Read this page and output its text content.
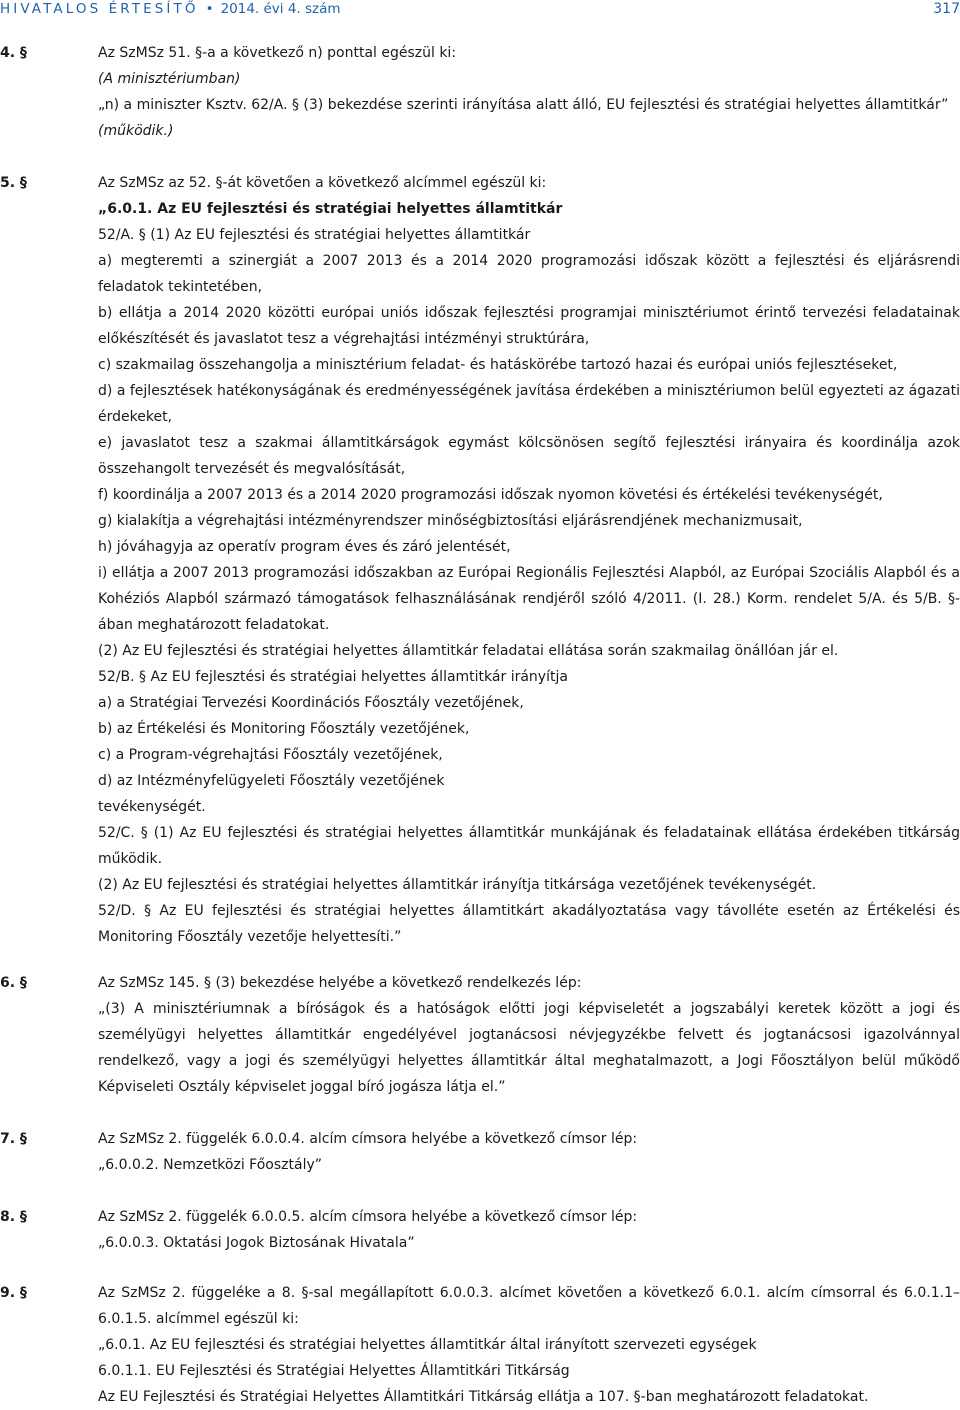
HIVATALOS ÉRTESÍTŐ • 2014. évi 4. szám	317
4. §	Az SzMSz 51. §-a a következő n) ponttal egészül ki:

(A minisztériumban)

„n) a miniszter Ksztv. 62/A. § (3) bekezdése szerinti irányítása alatt álló, EU fejlesztési és stratégiai helyettes államtitkár”

(működik.)

5. §	Az SzMSz az 52. §-át követően a következő alcímmel egészül ki:

„6.0.1. Az EU fejlesztési és stratégiai helyettes államtitkár

52/A. § (1) Az EU fejlesztési és stratégiai helyettes államtitkár

a) megteremti a szinergiát a 2007 2013 és a 2014 2020 programozási időszak között a fejlesztési és eljárásrendi feladatok tekintetében,

b) ellátja a 2014 2020 közötti európai uniós időszak fejlesztési programjai minisztériumot érintő tervezési feladatainak előkészítését és javaslatot tesz a végrehajtási intézményi struktúrára,

c) szakmailag összehangolja a minisztérium feladat- és hatáskörébe tartozó hazai és európai uniós fejlesztéseket,

d) a fejlesztések hatékonyságának és eredményességének javítása érdekében a minisztériumon belül egyezteti az ágazati érdekeket,

e) javaslatot tesz a szakmai államtitkárságok egymást kölcsönösen segítő fejlesztési irányaira és koordinálja azok összehangolt tervezését és megvalósítását,

f) koordinálja a 2007 2013 és a 2014 2020 programozási időszak nyomon követési és értékelési tevékenységét,

g) kialakítja a végrehajtási intézményrendszer minőségbiztosítási eljárásrendjének mechanizmusait,

h) jóváhagyja az operatív program éves és záró jelentését,

i) ellátja a 2007 2013 programozási időszakban az Európai Regionális Fejlesztési Alapból, az Európai Szociális Alapból és a Kohéziós Alapból származó támogatások felhasználásának rendjéről szóló 4/2011. (I. 28.) Korm. rendelet 5/A. és 5/B. §-ában meghatározott feladatokat.

(2) Az EU fejlesztési és stratégiai helyettes államtitkár feladatai ellátása során szakmailag önállóan jár el.

52/B. § Az EU fejlesztési és stratégiai helyettes államtitkár irányítja

a) a Stratégiai Tervezési Koordinációs Főosztály vezetőjének,

b) az Értékelési és Monitoring Főosztály vezetőjének,

c) a Program-végrehajtási Főosztály vezetőjének,

d) az Intézményfelügyeleti Főosztály vezetőjének

tevékenységét.

52/C. § (1) Az EU fejlesztési és stratégiai helyettes államtitkár munkájának és feladatainak ellátása érdekében titkárság működik.

(2) Az EU fejlesztési és stratégiai helyettes államtitkár irányítja titkársága vezetőjének tevékenységét.

52/D. § Az EU fejlesztési és stratégiai helyettes államtitkárt akadályoztatása vagy távolléte esetén az Értékelési és Monitoring Főosztály vezetője helyettesíti.”

6. §	Az SzMSz 145. § (3) bekezdése helyébe a következő rendelkezés lép:

„(3) A minisztériumnak a bíróságok és a hatóságok előtti jogi képviseletét a jogszabályi keretek között a jogi és személyügyi helyettes államtitkár engedélyével jogtanácsosi névjegyzékbe felvett és jogtanácsosi igazolvánnyal rendelkező, vagy a jogi és személyügyi helyettes államtitkár által meghatalmazott, a Jogi Főosztályon belül működő Képviseleti Osztály képviselet joggal bíró jogásza látja el.”

7. §	Az SzMSz 2. függelék 6.0.0.4. alcím címsora helyébe a következő címsor lép:

„6.0.0.2. Nemzetközi Főosztály”

8. §	Az SzMSz 2. függelék 6.0.0.5. alcím címsora helyébe a következő címsor lép:

„6.0.0.3. Oktatási Jogok Biztosának Hivatala”

9. §	Az SzMSz 2. függeléke a 8. §-sal megállapított 6.0.0.3. alcímet követően a következő 6.0.1. alcím címsorral és 6.0.1.1– 6.0.1.5. alcímmel egészül ki:

„6.0.1. Az EU fejlesztési és stratégiai helyettes államtitkár által irányított szervezeti egységek

6.0.1.1. EU Fejlesztési és Stratégiai Helyettes Államtitkári Titkárság

Az EU Fejlesztési és Stratégiai Helyettes Államtitkári Titkárság ellátja a 107. §-ban meghatározott feladatokat.
